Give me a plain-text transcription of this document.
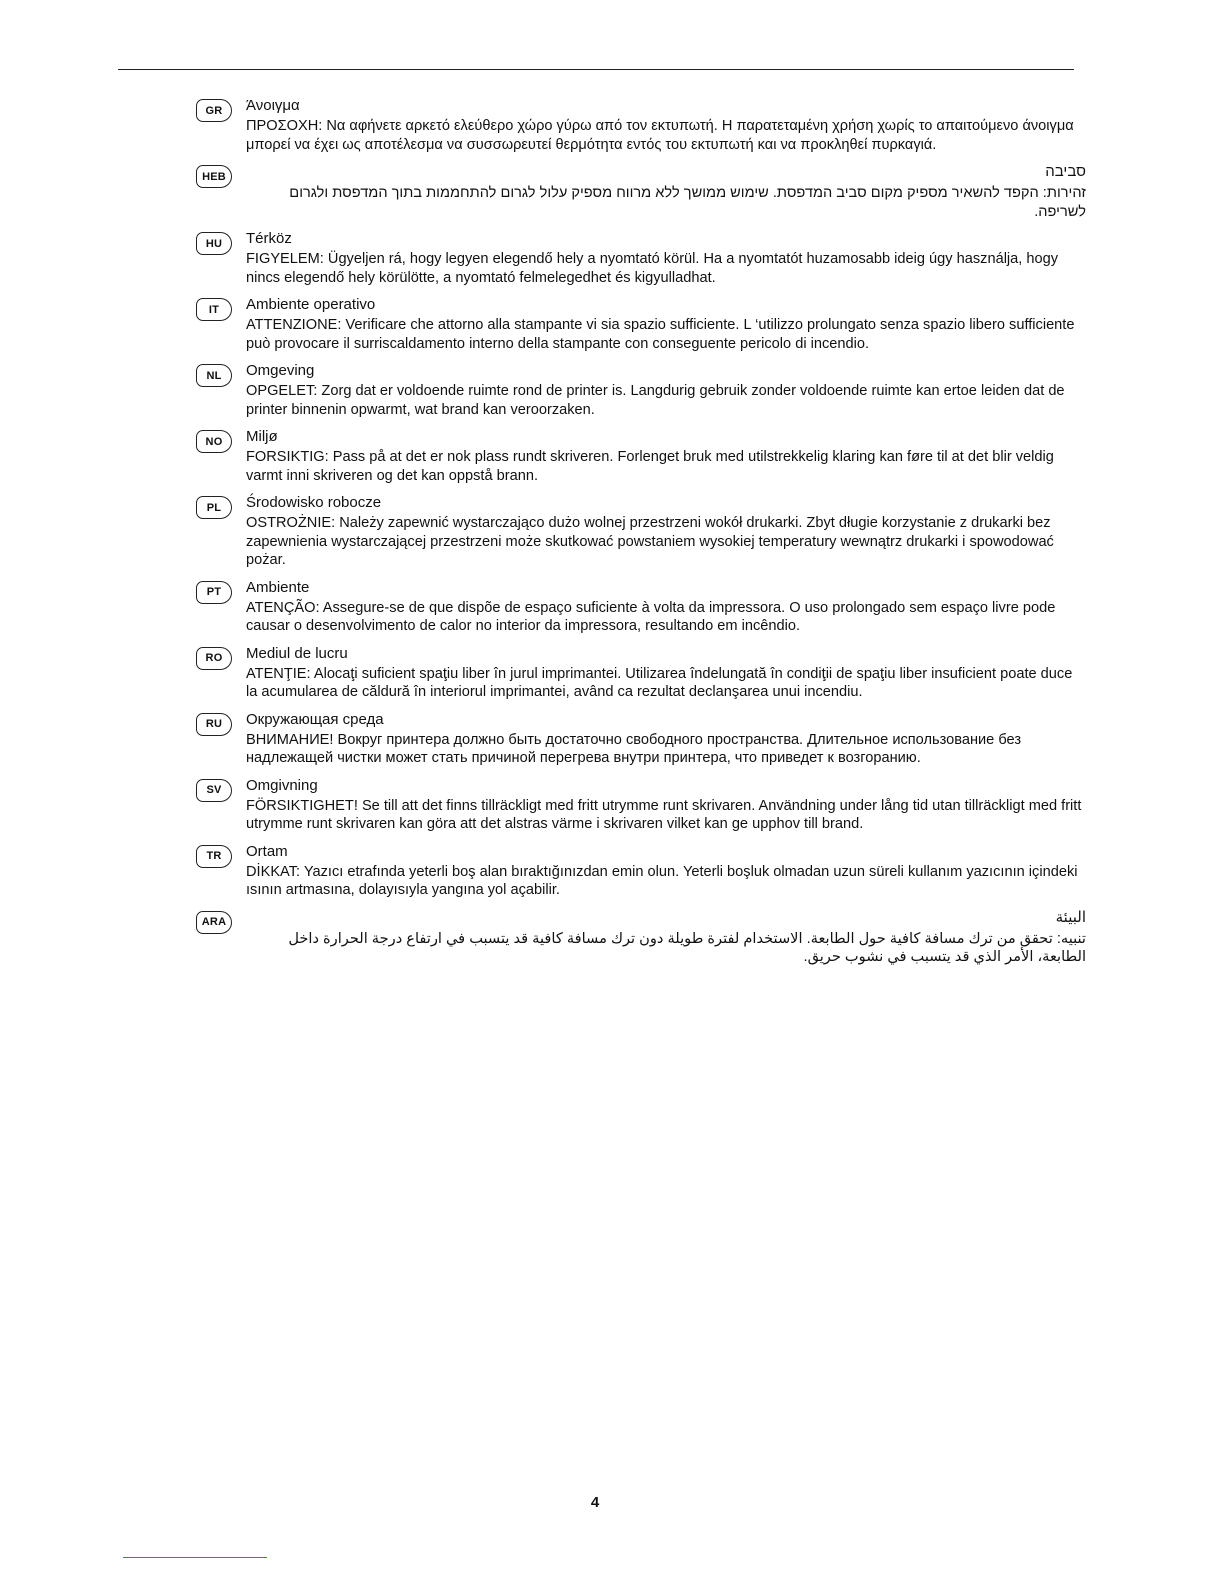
GR	Άνοιγμα
ΠΡΟΣΟΧΗ: Να αφήνετε αρκετό ελεύθερο χώρο γύρω από τον εκτυπωτή. Η παρατεταμένη χρήση χωρίς το απαιτούμενο άνοιγμα μπορεί να έχει ως αποτέλεσμα να συσσωρευτεί θερμότητα εντός του εκτυπωτή και να προκληθεί πυρκαγιά.
HEB	סביבה
זהירות: הקפד להשאיר מספיק מקום סביב המדפסת. שימוש ממושך ללא מרווח מספיק עלול לגרום להתחממות בתוך המדפסת ולגרום לשריפה.
HU	Térköz
FIGYELEM: Ügyeljen rá, hogy legyen elegendő hely a nyomtató körül. Ha a nyomtatót huzamosabb ideig úgy használja, hogy nincs elegendő hely körülötte, a nyomtató felmelegedhet és kigyulladhat.
IT	Ambiente operativo
ATTENZIONE: Verificare che attorno alla stampante vi sia spazio sufficiente. L ‘utilizzo prolungato senza spazio libero sufficiente può provocare il surriscaldamento interno della stampante con conseguente pericolo di incendio.
NL	Omgeving
OPGELET: Zorg dat er voldoende ruimte rond de printer is. Langdurig gebruik zonder voldoende ruimte kan ertoe leiden dat de printer binnenin opwarmt, wat brand kan veroorzaken.
NO	Miljø
FORSIKTIG: Pass på at det er nok plass rundt skriveren. Forlenget bruk med utilstrekkelig klaring kan føre til at det blir veldig varmt inni skriveren og det kan oppstå brann.
PL	Środowisko robocze
OSTROŻNIE: Należy zapewnić wystarczająco dużo wolnej przestrzeni wokół drukarki. Zbyt długie korzystanie z drukarki bez zapewnienia wystarczającej przestrzeni może skutkować powstaniem wysokiej temperatury wewnątrz drukarki i spowodować pożar.
PT	Ambiente
ATENÇÃO: Assegure-se de que dispõe de espaço suficiente à volta da impressora. O uso prolongado sem espaço livre pode causar o desenvolvimento de calor no interior da impressora, resultando em incêndio.
RO	Mediul de lucru
ATENŢIE: Alocaţi suficient spaţiu liber în jurul imprimantei. Utilizarea îndelungată în condiţii de spaţiu liber insuficient poate duce la acumularea de căldură în interiorul imprimantei, având ca rezultat declanşarea unui incendiu.
RU	Окружающая среда
ВНИМАНИЕ! Вокруг принтера должно быть достаточно свободного пространства. Длительное использование без надлежащей чистки может стать причиной перегрева внутри принтера, что приведет к возгоранию.
SV	Omgivning
FÖRSIKTIGHET! Se till att det finns tillräckligt med fritt utrymme runt skrivaren. Användning under lång tid utan tillräckligt med fritt utrymme runt skrivaren kan göra att det alstras värme i skrivaren vilket kan ge upphov till brand.
TR	Ortam
DİKKAT: Yazıcı etrafında yeterli boş alan bıraktığınızdan emin olun. Yeterli boşluk olmadan uzun süreli kullanım yazıcının içindeki ısının artmasına, dolayısıyla yangına yol açabilir.
ARA	البيئة
تنبيه: تحقق من ترك مسافة كافية حول الطابعة. الاستخدام لفترة طويلة دون ترك مسافة كافية قد يتسبب في ارتفاع درجة الحرارة داخل الطابعة، الأمر الذي قد يتسبب في نشوب حريق.
4
